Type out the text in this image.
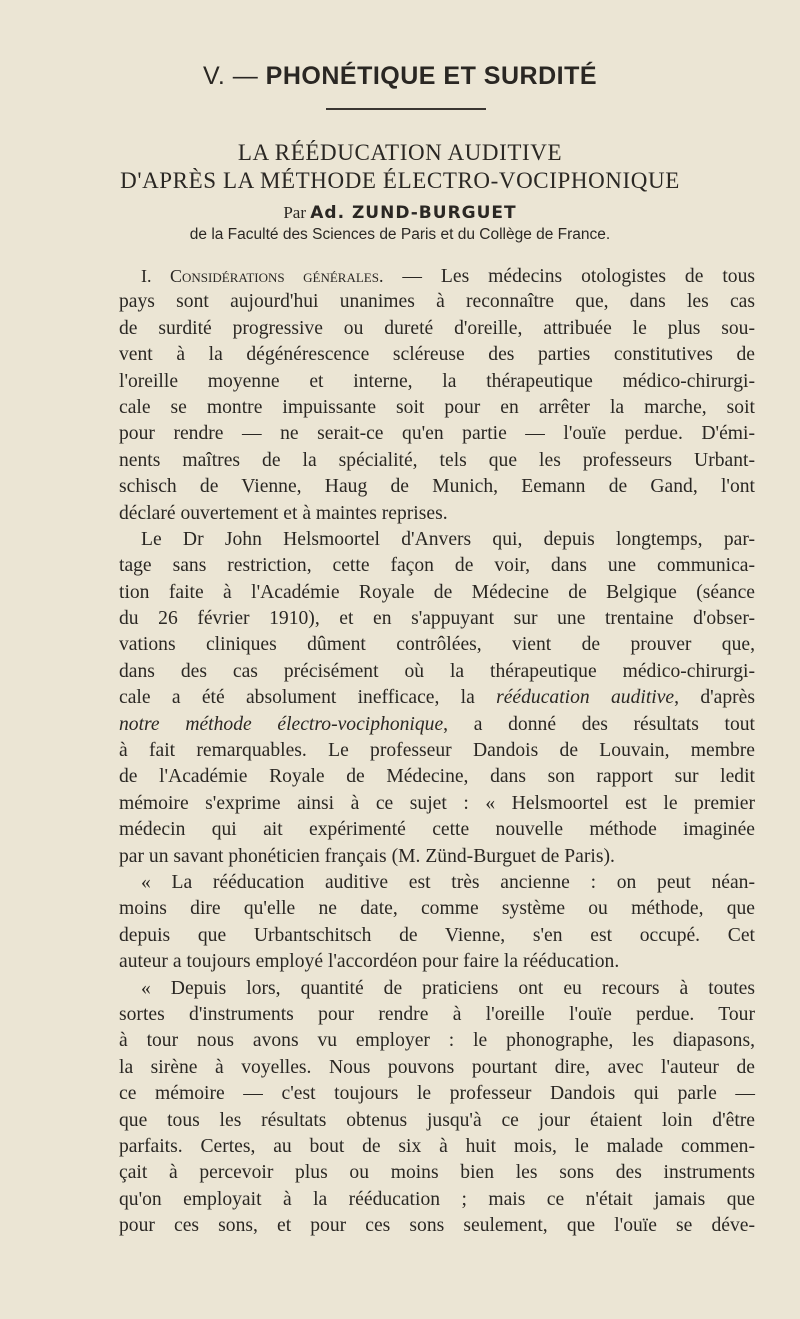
V. — PHONÉTIQUE ET SURDITÉ
LA RÉÉDUCATION AUDITIVE
D'APRÈS LA MÉTHODE ÉLECTRO-VOCIPHONIQUE
Par Ad. ZUND-BURGUET
de la Faculté des Sciences de Paris et du Collège de France.
I. Considérations générales. — Les médecins otologistes de tous
pays sont aujourd'hui unanimes à reconnaître que, dans les cas
de surdité progressive ou dureté d'oreille, attribuée le plus sou-
vent à la dégénérescence scléreuse des parties constitutives de
l'oreille moyenne et interne, la thérapeutique médico-chirurgi-
cale se montre impuissante soit pour en arrêter la marche, soit
pour rendre — ne serait-ce qu'en partie — l'ouïe perdue. D'émi-
nents maîtres de la spécialité, tels que les professeurs Urbant-
schisch de Vienne, Haug de Munich, Eemann de Gand, l'ont
déclaré ouvertement et à maintes reprises.
Le Dr John Helsmoortel d'Anvers qui, depuis longtemps, par-
tage sans restriction, cette façon de voir, dans une communica-
tion faite à l'Académie Royale de Médecine de Belgique (séance
du 26 février 1910), et en s'appuyant sur une trentaine d'obser-
vations cliniques dûment contrôlées, vient de prouver que,
dans des cas précisément où la thérapeutique médico-chirurgi-
cale a été absolument inefficace, la rééducation auditive, d'après
notre méthode électro-vociphonique, a donné des résultats tout
à fait remarquables. Le professeur Dandois de Louvain, membre
de l'Académie Royale de Médecine, dans son rapport sur ledit
mémoire s'exprime ainsi à ce sujet : « Helsmoortel est le premier
médecin qui ait expérimenté cette nouvelle méthode imaginée
par un savant phonéticien français (M. Zünd-Burguet de Paris).
« La rééducation auditive est très ancienne : on peut néan-
moins dire qu'elle ne date, comme système ou méthode, que
depuis que Urbantschitsch de Vienne, s'en est occupé. Cet
auteur a toujours employé l'accordéon pour faire la rééducation.
« Depuis lors, quantité de praticiens ont eu recours à toutes
sortes d'instruments pour rendre à l'oreille l'ouïe perdue. Tour
à tour nous avons vu employer : le phonographe, les diapasons,
la sirène à voyelles. Nous pouvons pourtant dire, avec l'auteur de
ce mémoire — c'est toujours le professeur Dandois qui parle —
que tous les résultats obtenus jusqu'à ce jour étaient loin d'être
parfaits. Certes, au bout de six à huit mois, le malade commen-
çait à percevoir plus ou moins bien les sons des instruments
qu'on employait à la rééducation ; mais ce n'était jamais que
pour ces sons, et pour ces sons seulement, que l'ouïe se déve-
